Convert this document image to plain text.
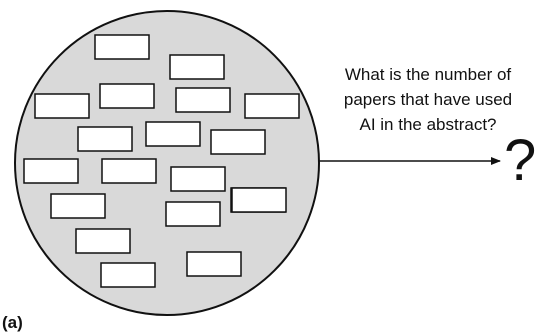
What is the number of
papers that have used
AI in the abstract?
?
(a)
